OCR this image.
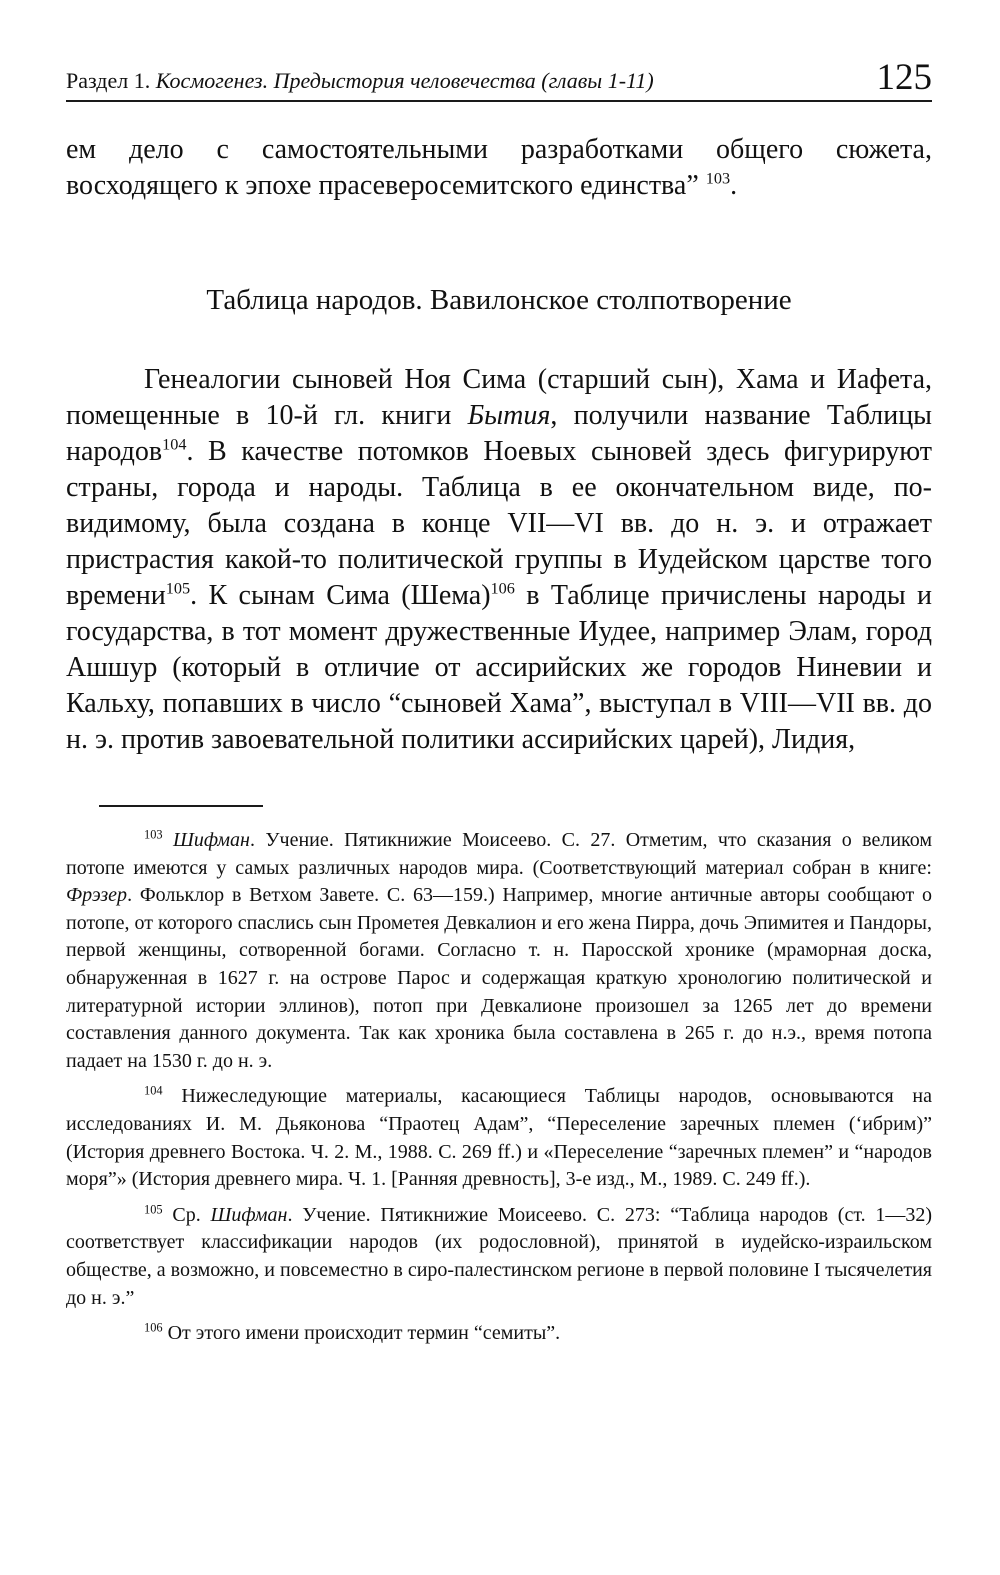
Раздел 1. Космогенез. Предыстория человечества (главы 1-11)	125

ем дело с самостоятельными разработками общего сюжета, восходящего к эпохе прасеверосемитского единства” $^{103}$.

Таблица народов. Вавилонское столпотворение

Генеалогии сыновей Ноя Сима (старший сын), Хама и Иафета, помещенные в 10-й гл. книги Бытия, получили название Таблицы народов$^{104}$. В качестве потомков Ноевых сыновей здесь фигурируют страны, города и народы. Таблица в ее окончательном виде, по-видимому, была создана в конце VII—VI вв. до н. э. и отражает пристрастия какой-то политической группы в Иудейском царстве того времени$^{105}$. К сынам Сима (Шема)$^{106}$ в Таблице причислены народы и государства, в тот момент дружественные Иудее, например Элам, город Ашшур (который в отличие от ассирийских же городов Ниневии и Кальху, попавших в число “сыновей Хама”, выступал в VIII—VII вв. до н. э. против завоевательной политики ассирийских царей), Лидия,

$^{103}$ Шифман. Учение. Пятикнижие Моисеево. С. 27. Отметим, что сказания о великом потопе имеются у самых различных народов мира. (Соответствующий материал собран в книге: Фрэзер. Фольклор в Ветхом Завете. С. 63—159.) Например, многие античные авторы сообщают о потопе, от которого спаслись сын Прометея Девкалион и его жена Пирра, дочь Эпимитея и Пандоры, первой женщины, сотворенной богами. Согласно т. н. Паросской хронике (мраморная доска, обнаруженная в 1627 г. на острове Парос и содержащая краткую хронологию политической и литературной истории эллинов), потоп при Девкалионе произошел за 1265 лет до времени составления данного документа. Так как хроника была составлена в 265 г. до н.э., время потопа падает на 1530 г. до н. э.

$^{104}$ Нижеследующие материалы, касающиеся Таблицы народов, основываются на исследованиях И. М. Дьяконова “Праотец Адам”, “Переселение заречных племен (‘ибрим)” (История древнего Востока. Ч. 2. М., 1988. С. 269 ff.) и «Переселение “заречных племен” и “народов моря”» (История древнего мира. Ч. 1. [Ранняя древность], 3-е изд., М., 1989. С. 249 ff.).

$^{105}$ Ср. Шифман. Учение. Пятикнижие Моисеево. С. 273: “Таблица народов (ст. 1—32) соответствует классификации народов (их родословной), принятой в иудейско-израильском обществе, а возможно, и повсеместно в сиро-палестинском регионе в первой половине I тысячелетия до н. э.”

$^{106}$ От этого имени происходит термин “семиты”.
